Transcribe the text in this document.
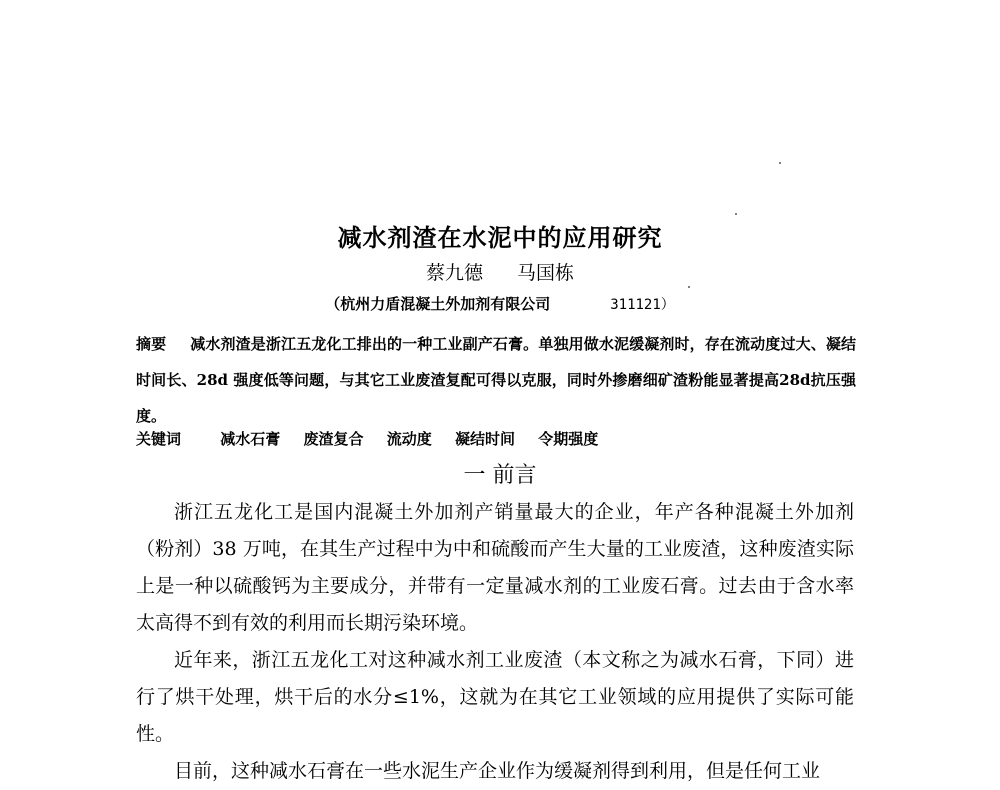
减水剂渣在水泥中的应用研究
蔡九德 马国栋
（杭州力盾混凝土外加剂有限公司	311121）
摘要 减水剂渣是浙江五龙化工排出的一种工业副产石膏。单独用做水泥缓凝剂时，存在流动度过大、凝结时间长、28d 强度低等问题，与其它工业废渣复配可得以克服，同时外掺磨细矿渣粉能显著提高28d抗压强度。
关键词	减水石膏 废渣复合 流动度 凝结时间 令期强度
一 前言

浙江五龙化工是国内混凝土外加剂产销量最大的企业，年产各种混凝土外加剂（粉剂）38 万吨，在其生产过程中为中和硫酸而产生大量的工业废渣，这种废渣实际上是一种以硫酸钙为主要成分，并带有一定量减水剂的工业废石膏。过去由于含水率太高得不到有效的利用而长期污染环境。

近年来，浙江五龙化工对这种减水剂工业废渣（本文称之为减水石膏，下同）进行了烘干处理，烘干后的水分≤1%，这就为在其它工业领域的应用提供了实际可能性。

目前，这种减水石膏在一些水泥生产企业作为缓凝剂得到利用，但是任何工业
